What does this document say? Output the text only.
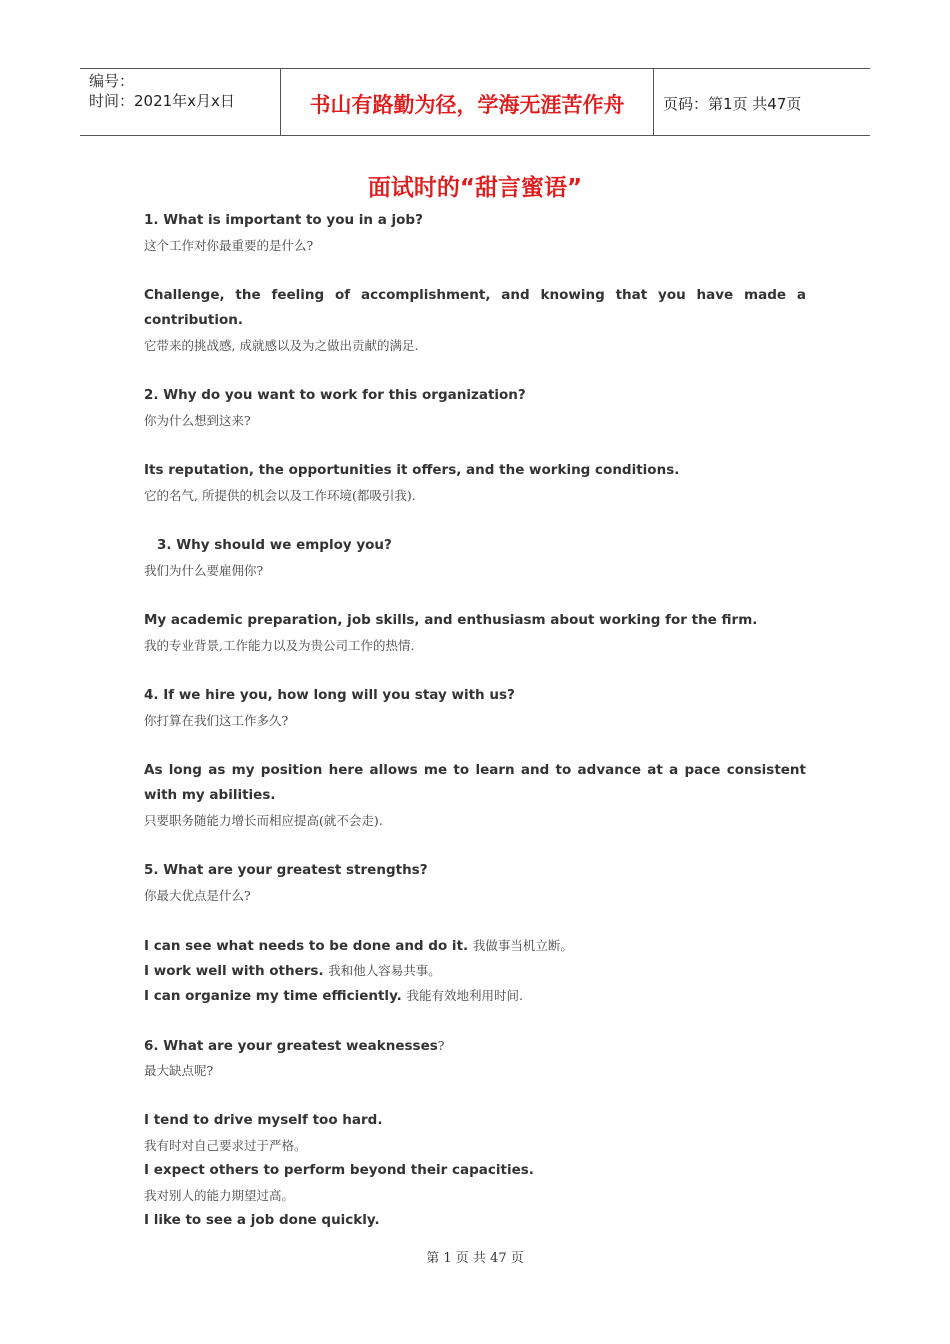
编号：
时间：2021年x月x日	书山有路勤为径，学海无涯苦作舟	页码：第1页 共47页
面试时的“甜言蜜语”
1. What is important to you in a job?
这个工作对你最重要的是什么?
Challenge, the feeling of accomplishment, and knowing that you have made a
contribution.
它带来的挑战感, 成就感以及为之做出贡献的满足.
2. Why do you want to work for this organization?
你为什么想到这来?
Its reputation, the opportunities it offers, and the working conditions.
它的名气, 所提供的机会以及工作环境(都吸引我).
3. Why should we employ you?
我们为什么要雇佣你?
My academic preparation, job skills, and enthusiasm about working for the firm.
我的专业背景,工作能力以及为贵公司工作的热情.
4. If we hire you, how long will you stay with us?
你打算在我们这工作多久?
As long as my position here allows me to learn and to advance at a pace consistent
with my abilities.
只要职务随能力增长而相应提高(就不会走).
5. What are your greatest strengths?
你最大优点是什么?
I can see what needs to be done and do it. 我做事当机立断。
I work well with others. 我和他人容易共事。
I can organize my time efficiently. 我能有效地利用时间.
6. What are your greatest weaknesses?
最大缺点呢?
I tend to drive myself too hard.
我有时对自己要求过于严格。
I expect others to perform beyond their capacities.
我对别人的能力期望过高。
I like to see a job done quickly.
第 1 页 共 47 页
